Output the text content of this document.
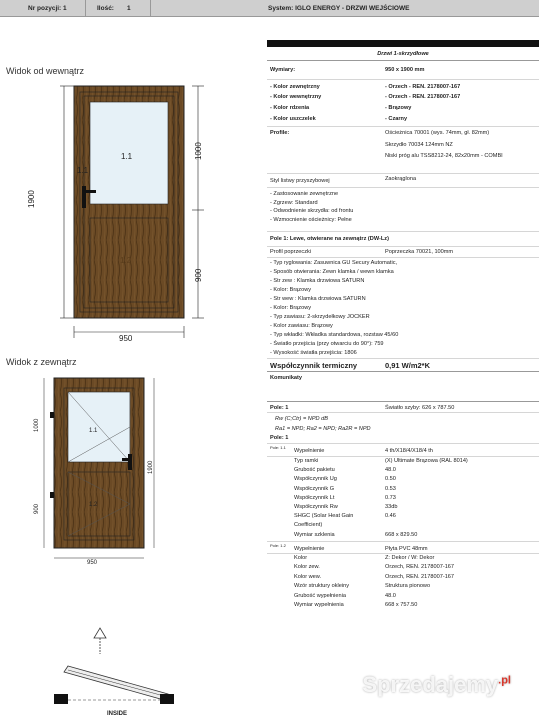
Nr pozycji: 1	Ilość: 1	System: IGLO ENERGY - DRZWI WEJŚCIOWE
Widok od wewnątrz
Widok z zewnątrz
1.1
1.1
1.2
1900
1000
900
950
1.1
1.2
1000
900
1900
950
INSIDE
Drzwi 1-skrzydłowe
Wymiary:	950 x 1900 mm
- Kolor zewnętrzny	- Orzech - REN. 2178007-167
- Kolor wewnętrzny	- Orzech - REN. 2178007-167
- Kolor rdzenia	- Brązowy
- Kolor uszczelek	- Czarny
Profile:	Ościeżnica 70001 (wys. 74mm, gł. 82mm)
Skrzydło 70034 124mm NZ
Niski próg alu TSS8212-24, 82x20mm - COMBI
Styl listwy przyszybowej	Zaokrąglona
- Zastosowanie zewnętrzne
- Zgrzew: Standard
- Odwodnienie skrzydła: od frontu
- Wzmocnienie ościeżnicy: Pełne
Pole 1: Lewe, otwierane na zewnątrz (DW-Lz)
Profil poprzeczki	Poprzeczka 70021, 100mm
- Typ ryglowania: Zasuwnica GU Secury Automatic,
- Sposób otwierania: Zewn klamka / wewn klamka
- Str zew : Klamka drzwiowa SATURN
- Kolor: Brązowy
- Str wew : Klamka drzwiowa SATURN
- Kolor: Brązowy
- Typ zawiasu: 2-skrzydełkowy JOCKER
- Kolor zawiasu: Brązowy
- Typ wkładki: Wkładka standardowa, rozstaw 45/60
- Światło przejścia (przy otwarciu do 90°): 759
- Wysokość światła przejścia: 1806
Współczynnik termiczny	0,91 W/m2*K
Komunikaty
Pole: 1	Światło szyby: 626 x 787.50
Rw (C;Ctr) = NPD dB
Ra1 = NPD; Ra2 = NPD; Ra2R = NPD
Pole: 1
Pole: 1.1
Wypełnienie	4 th/X18/4/X18/4 th
Typ ramki	(X) Ultimate Brązowa (RAL 8014)
Grubość pakietu	48.0
Współczynnik Ug	0.50
Współczynnik G	0.53
Współczynnik Lt	0.73
Współczynnik Rw	33db
SHGC (Solar Heat Gain	0.46
Coefficient)
Wymiar szklenia	668 x 829.50
Pole: 1.2
Wypełnienie	Płyta PVC 48mm
Kolor	Z: Dekor / W: Dekor
Kolor zew.	Orzech, REN. 2178007-167
Kolor wew.	Orzech, REN. 2178007-167
Wzór struktury okleiny	Struktura pionowo
Grubość wypełnienia	48.0
Wymiar wypełnienia	668 x 757.50
Sprzedajemy$^{.pl}$
